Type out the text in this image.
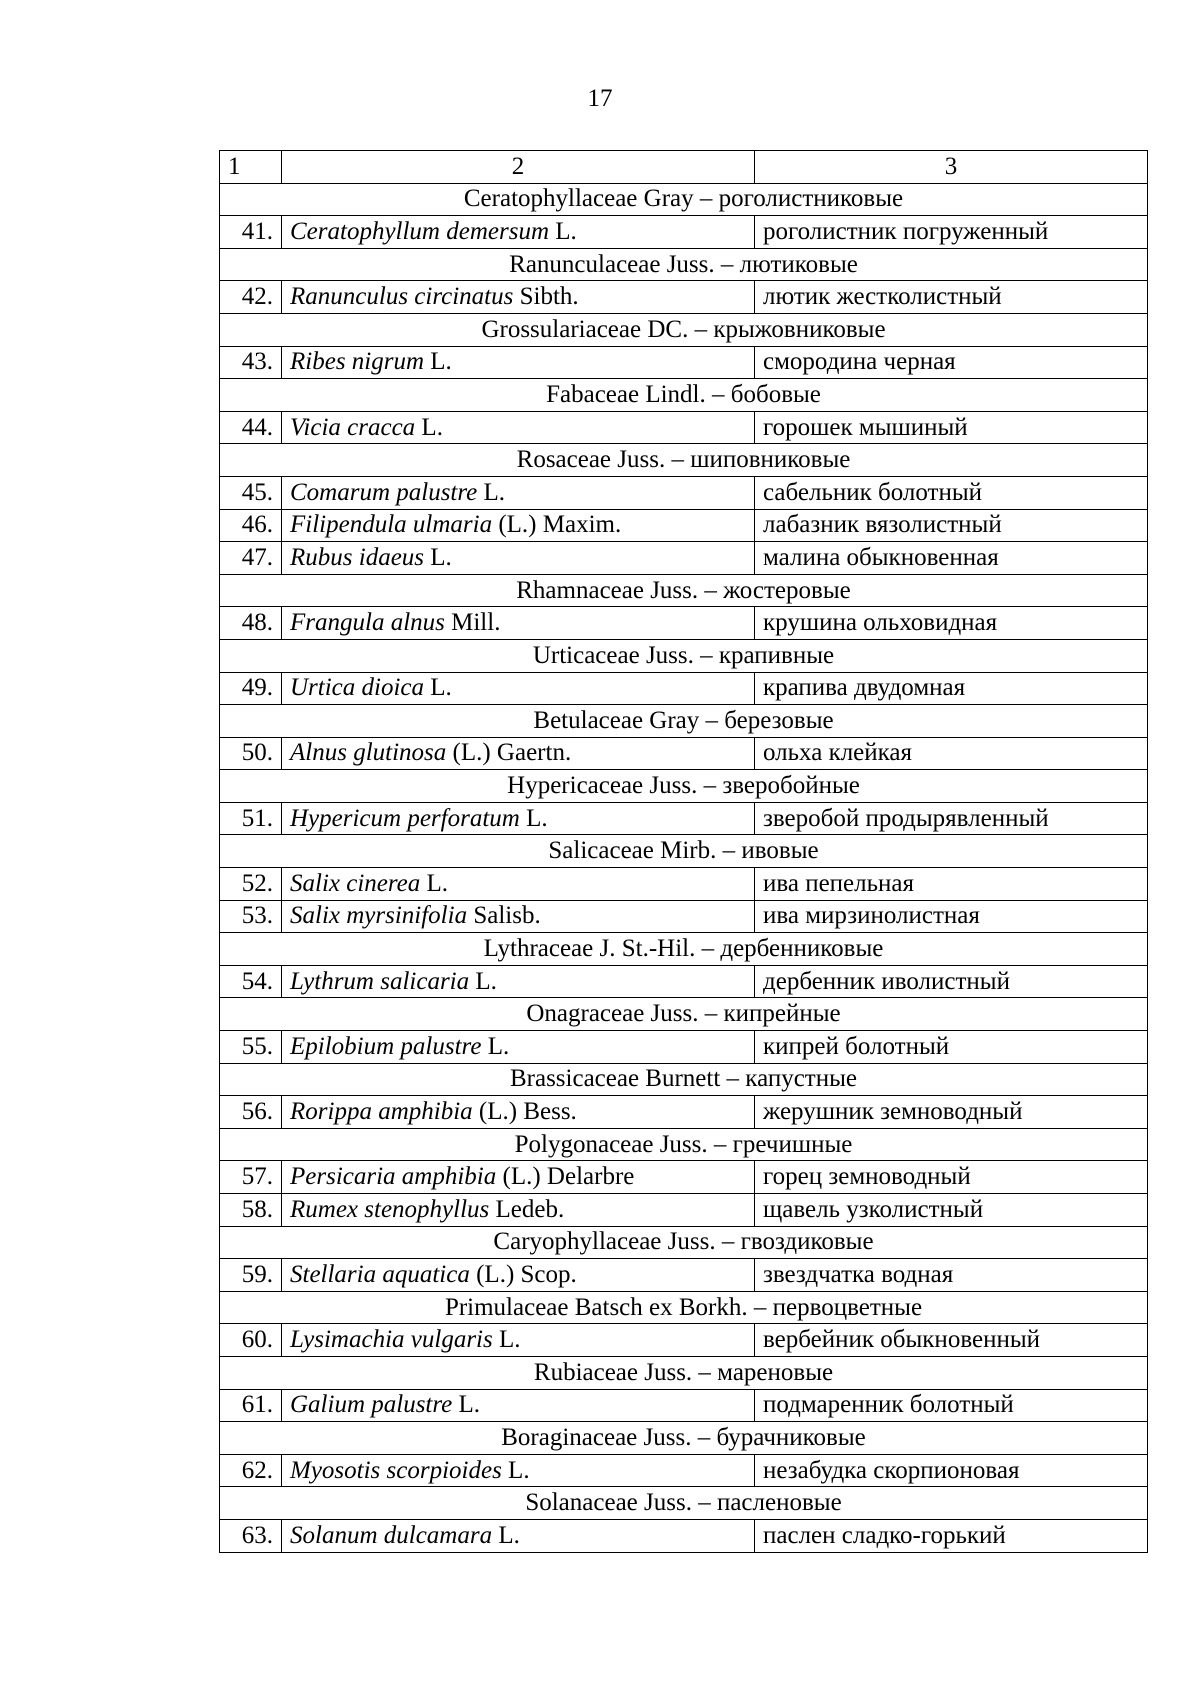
17
1	2	3
Ceratophyllaceae Gray – роголистниковые		
41.	Ceratophyllum demersum L.	роголистник погруженный
Ranunculaceae Juss. – лютиковые		
42.	Ranunculus circinatus Sibth.	лютик жестколистный
Grossulariaceae DC. – крыжовниковые		
43.	Ribes nigrum L.	смородина черная
Fabaceae Lindl. – бобовые		
44.	Vicia cracca L.	горошек мышиный
Rosaceae Juss. – шиповниковые		
45.	Comarum palustre L.	сабельник болотный
46.	Filipendula ulmaria (L.) Maxim.	лабазник вязолистный
47.	Rubus idaeus L.	малина обыкновенная
Rhamnaceae Juss. – жостеровые		
48.	Frangula alnus Mill.	крушина ольховидная
Urticaceae Juss. – крапивные		
49.	Urtica dioica L.	крапива двудомная
Betulaceae Gray – березовые		
50.	Alnus glutinosa (L.) Gaertn.	ольха клейкая
Hypericaceae Juss. – зверобойные		
51.	Hypericum perforatum L.	зверобой продырявленный
Salicaceae Mirb. – ивовые		
52.	Salix cinerea L.	ива пепельная
53.	Salix myrsinifolia Salisb.	ива мирзинолистная
Lythraceae J. St.-Hil. – дербенниковые		
54.	Lythrum salicaria L.	дербенник иволистный
Onagraceae Juss. – кипрейные		
55.	Epilobium palustre L.	кипрей болотный
Brassicaceae Burnett – капустные		
56.	Rorippa amphibia (L.) Bess.	жерушник земноводный
Polygonaceae Juss. – гречишные		
57.	Persicaria amphibia (L.) Delarbre	горец земноводный
58.	Rumex stenophyllus Ledeb.	щавель узколистный
Caryophyllaceae Juss. – гвоздиковые		
59.	Stellaria aquatica (L.) Scop.	звездчатка водная
Primulaceae Batsch ex Borkh. – первоцветные		
60.	Lysimachia vulgaris L.	вербейник обыкновенный
Rubiaceae Juss. – мареновые		
61.	Galium palustre L.	подмаренник болотный
Boraginaceae Juss. – бурачниковые		
62.	Myosotis scorpioides L.	незабудка скорпионовая
Solanaceae Juss. – пасленовые		
63.	Solanum dulcamara L.	паслен сладко-горький
